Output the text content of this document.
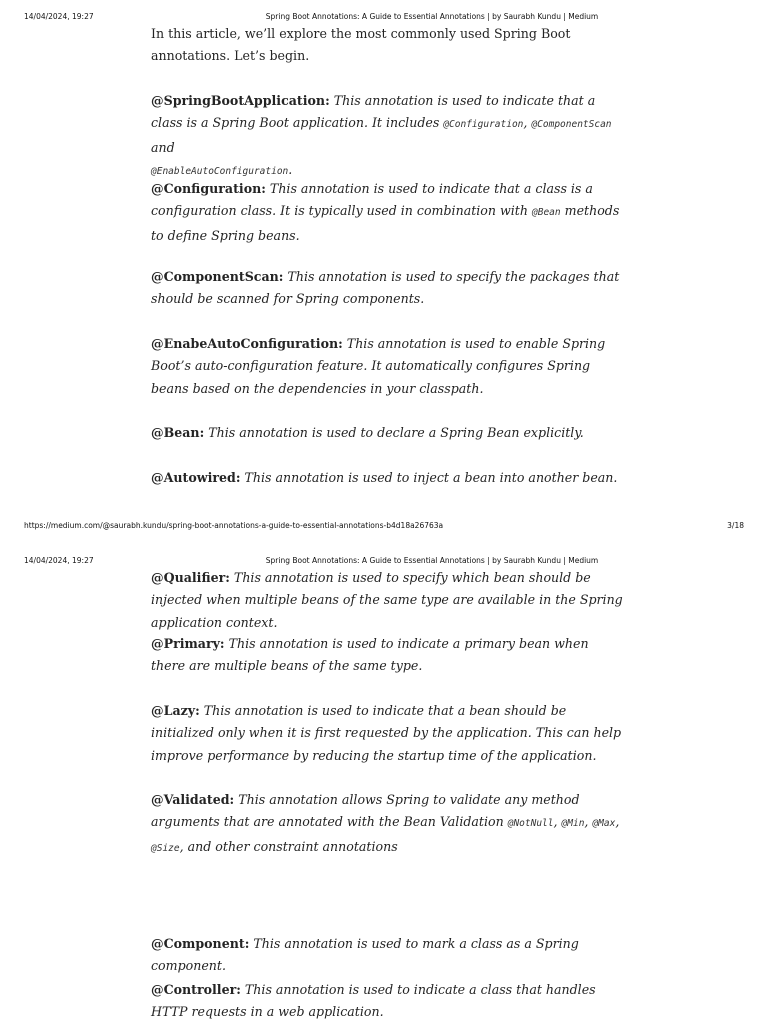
14/04/2024, 19:27	Spring Boot Annotations: A Guide to Essential Annotations | by Saurabh Kundu | Medium

In this article, we’ll explore the most commonly used Spring Boot annotations. Let’s begin.

@SpringBootApplication: This annotation is used to indicate that a class is a Spring Boot application. It includes @Configuration, @ComponentScan and
@EnableAutoConfiguration.

@Configuration: This annotation is used to indicate that a class is a configuration class. It is typically used in combination with @Bean methods to define Spring beans.

@ComponentScan: This annotation is used to specify the packages that should be scanned for Spring components.

@EnabeAutoConfiguration: This annotation is used to enable Spring Boot’s auto-configuration feature. It automatically configures Spring beans based on the dependencies in your classpath.

@Bean: This annotation is used to declare a Spring Bean explicitly.

@Autowired: This annotation is used to inject a bean into another bean.

https://medium.com/@saurabh.kundu/spring-boot-annotations-a-guide-to-essential-annotations-b4d18a26763a	3/18
14/04/2024, 19:27	Spring Boot Annotations: A Guide to Essential Annotations | by Saurabh Kundu | Medium

@Qualifier: This annotation is used to specify which bean should be injected when multiple beans of the same type are available in the Spring application context.

@Primary: This annotation is used to indicate a primary bean when there are multiple beans of the same type.

@Lazy: This annotation is used to indicate that a bean should be initialized only when it is first requested by the application. This can help improve performance by reducing the startup time of the application.

@Validated: This annotation allows Spring to validate any method arguments that are annotated with the Bean Validation @NotNull, @Min, @Max, @Size, and other constraint annotations

@Component: This annotation is used to mark a class as a Spring component.

@Controller: This annotation is used to indicate a class that handles HTTP requests in a web application.
